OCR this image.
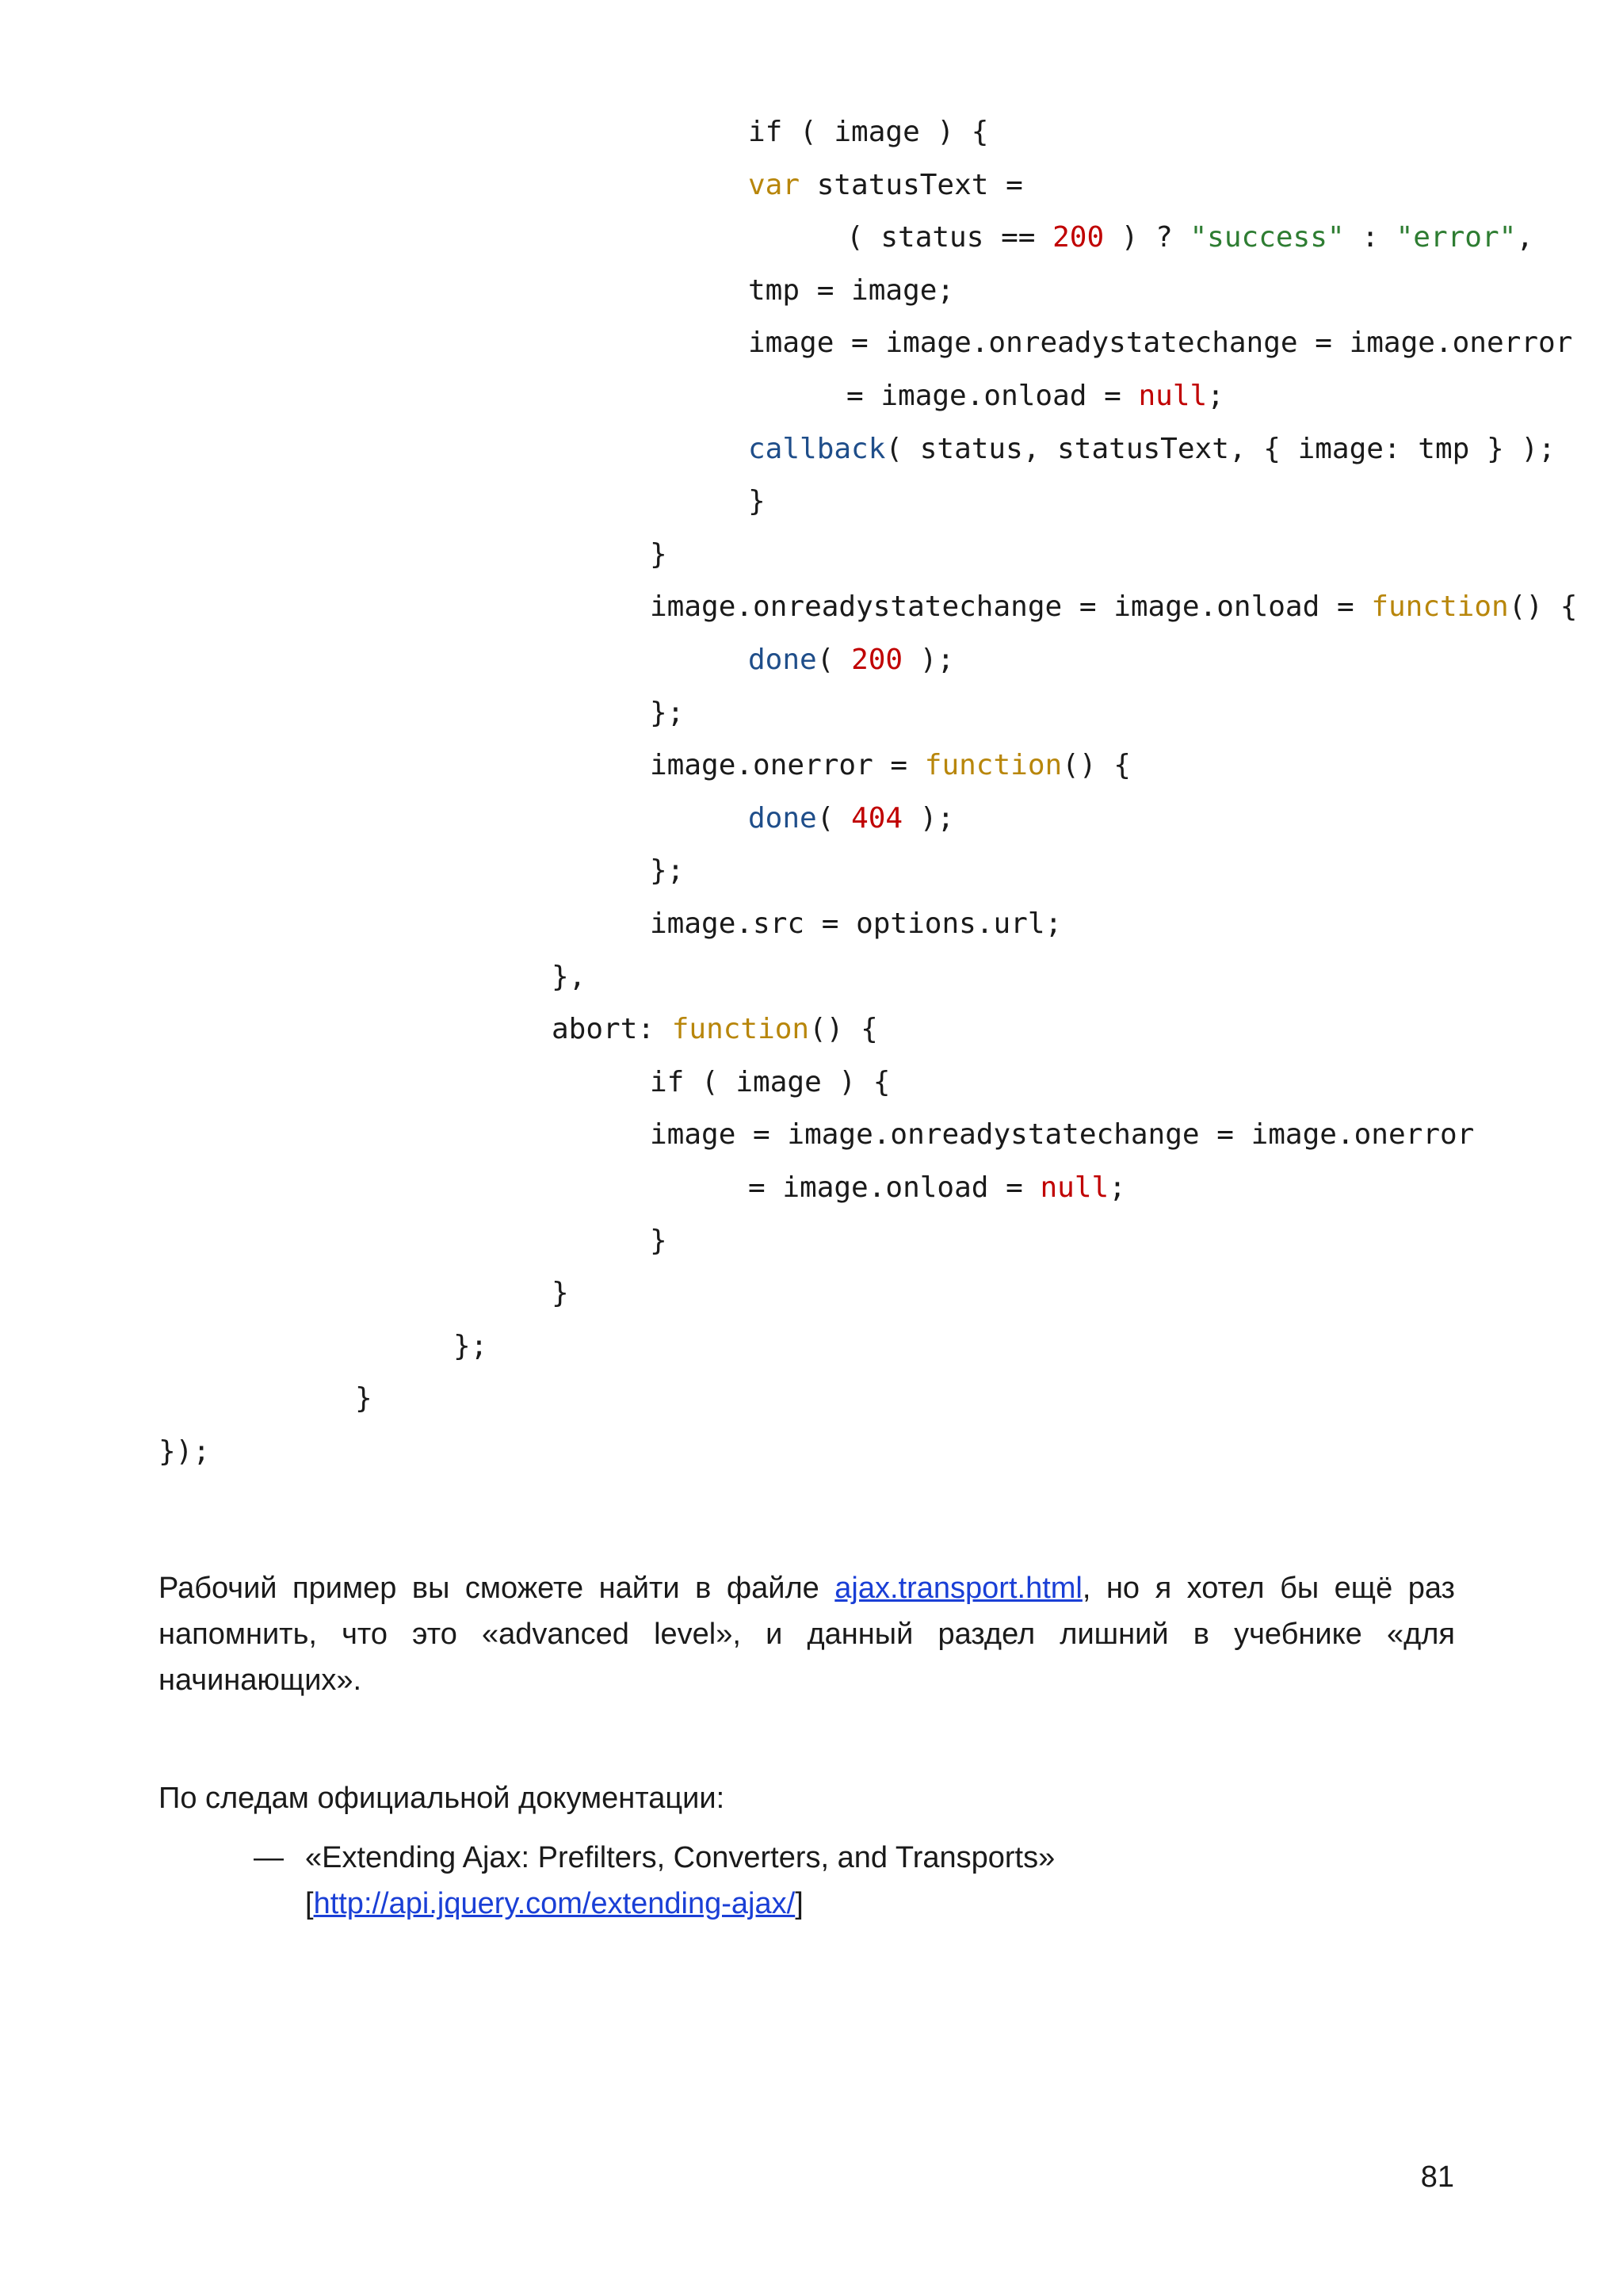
if ( image ) {
var statusText =
( status == 200 ) ? "success" : "error",
tmp = image;
image = image.onreadystatechange = image.onerror
= image.onload = null;
callback( status, statusText, { image: tmp } );
}
}
image.onreadystatechange = image.onload = function() {
done( 200 );
};
image.onerror = function() {
done( 404 );
};
image.src = options.url;
},
abort: function() {
if ( image ) {
image = image.onreadystatechange = image.onerror
= image.onload = null;
}
}
};
}
});
Рабочий пример вы сможете найти в файле ajax.transport.html, но я хотел бы ещё раз напомнить, что это «advanced level», и данный раздел лишний в учебнике «для начинающих».
По следам официальной документации:
— «Extending Ajax: Prefilters, Converters, and Transports»
[http://api.jquery.com/extending-ajax/]
81
